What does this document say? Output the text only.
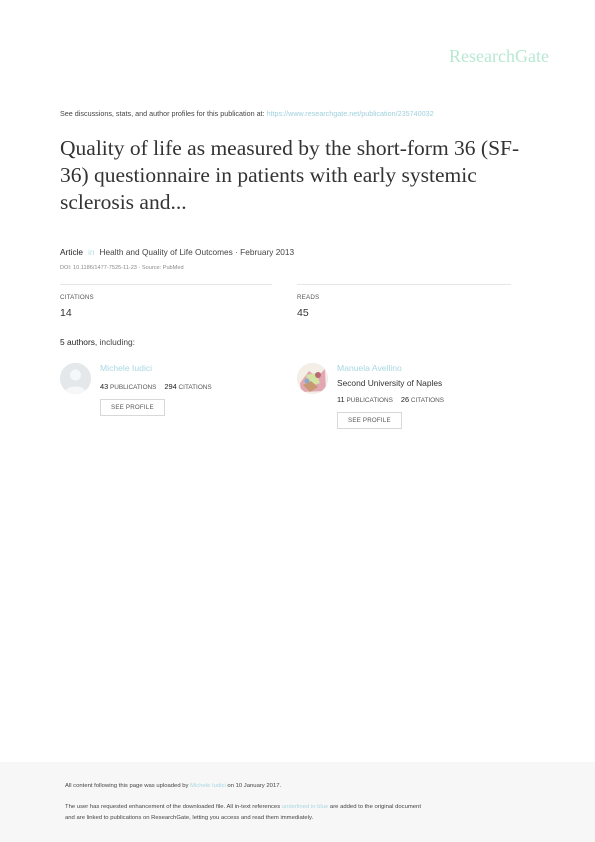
ResearchGate
See discussions, stats, and author profiles for this publication at: https://www.researchgate.net/publication/235740032
Quality of life as measured by the short-form 36 (SF-36) questionnaire in patients with early systemic sclerosis and...
Article in Health and Quality of Life Outcomes · February 2013
DOI: 10.1186/1477-7525-11-23 · Source: PubMed
CITATIONS
14
READS
45
5 authors, including:
Michele Iudici
43 PUBLICATIONS 294 CITATIONS
SEE PROFILE
Manuela Avellino
Second University of Naples
11 PUBLICATIONS 26 CITATIONS
SEE PROFILE
All content following this page was uploaded by Michele Iudici on 10 January 2017.
The user has requested enhancement of the downloaded file. All in-text references underlined in blue are added to the original document
and are linked to publications on ResearchGate, letting you access and read them immediately.
